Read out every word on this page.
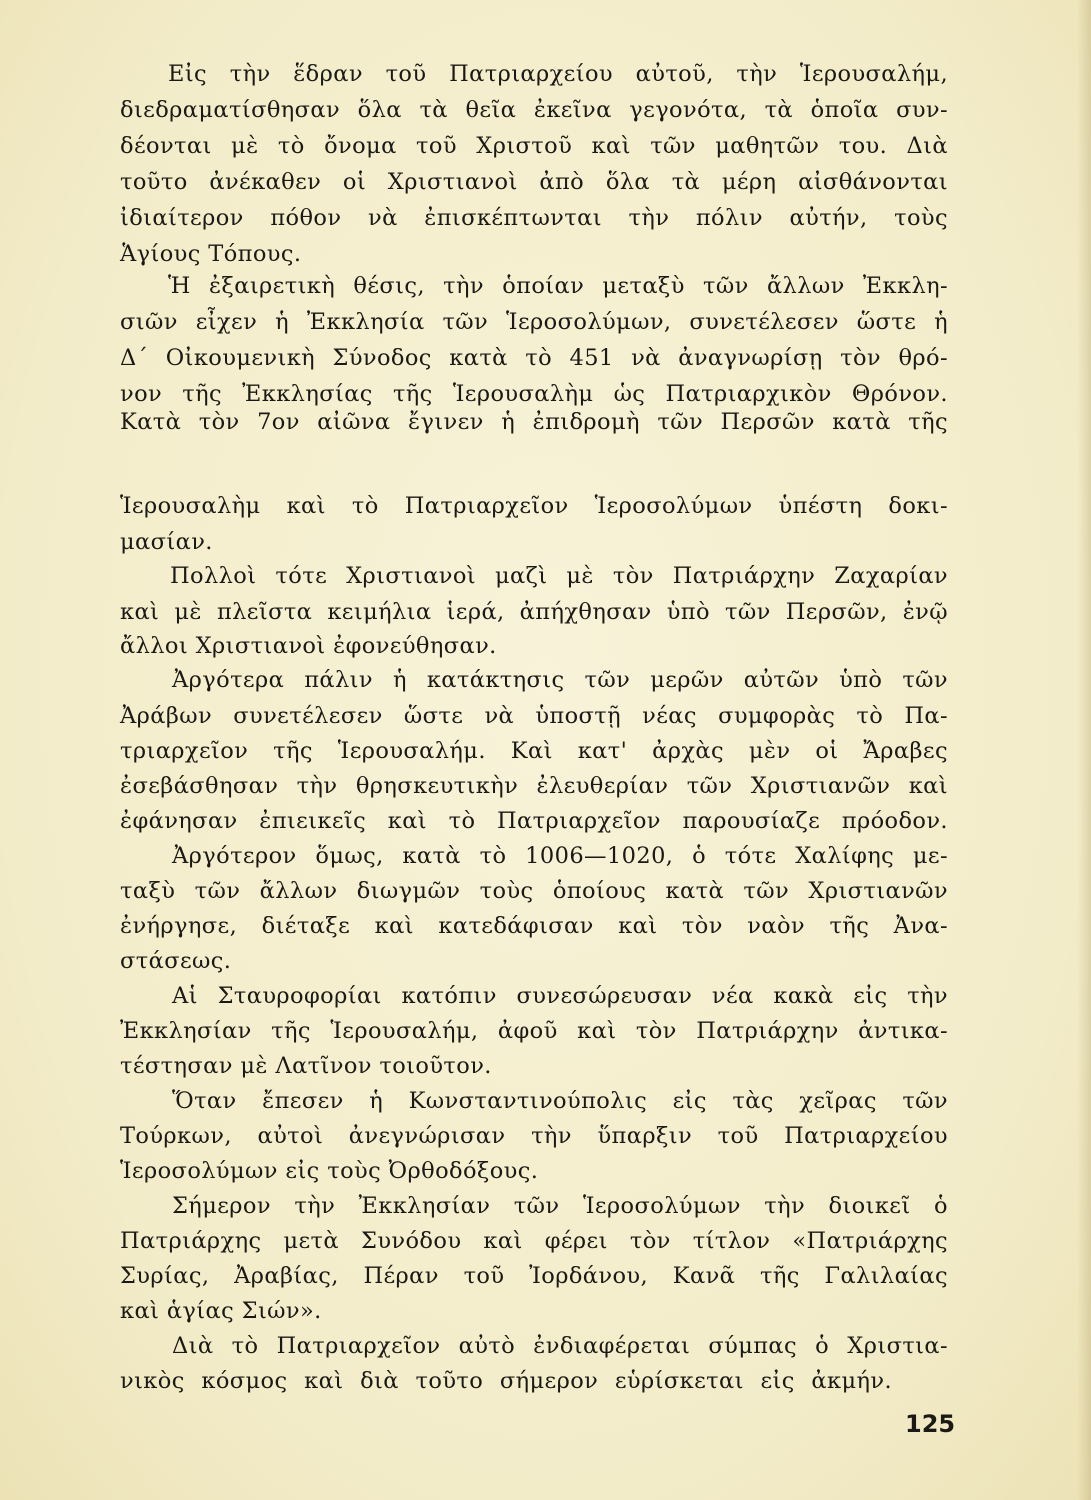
Εἰς τὴν ἕδραν τοῦ Πατριαρχείου αὐτοῦ, τὴν Ἱερουσαλήμ,
διεδραματίσθησαν ὅλα τὰ θεῖα ἐκεῖνα γεγονότα, τὰ ὁποῖα συν-
δέονται μὲ τὸ ὄνομα τοῦ Χριστοῦ καὶ τῶν μαθητῶν του. Διὰ
τοῦτο ἀνέκαθεν οἱ Χριστιανοὶ ἀπὸ ὅλα τὰ μέρη αἰσθάνονται
ἰδιαίτερον πόθον νὰ ἐπισκέπτωνται τὴν πόλιν αὐτήν, τοὺς
Ἁγίους Τόπους.
Ἡ ἐξαιρετικὴ θέσις, τὴν ὁποίαν μεταξὺ τῶν ἄλλων Ἐκκλη-
σιῶν εἶχεν ἡ Ἐκκλησία τῶν Ἱεροσολύμων, συνετέλεσεν ὥστε ἡ
Δ΄ Οἰκουμενικὴ Σύνοδος κατὰ τὸ 451 νὰ ἀναγνωρίσῃ τὸν θρό-
νον τῆς Ἐκκλησίας τῆς Ἱερουσαλὴμ ὡς Πατριαρχικὸν Θρόνον.
Κατὰ τὸν 7ον αἰῶνα ἔγινεν ἡ ἐπιδρομὴ τῶν Περσῶν κατὰ τῆς
Ἱερουσαλὴμ καὶ τὸ Πατριαρχεῖον Ἱεροσολύμων ὑπέστη δοκι-
μασίαν.
Πολλοὶ τότε Χριστιανοὶ μαζὶ μὲ τὸν Πατριάρχην Ζαχαρίαν
καὶ μὲ πλεῖστα κειμήλια ἱερά, ἀπήχθησαν ὑπὸ τῶν Περσῶν, ἐνῷ
ἄλλοι Χριστιανοὶ ἐφονεύθησαν.
Ἀργότερα πάλιν ἡ κατάκτησις τῶν μερῶν αὐτῶν ὑπὸ τῶν
Ἀράβων συνετέλεσεν ὥστε νὰ ὑποστῇ νέας συμφορὰς τὸ Πα-
τριαρχεῖον τῆς Ἱερουσαλήμ. Καὶ κατ' ἀρχὰς μὲν οἱ Ἄραβες
ἐσεβάσθησαν τὴν θρησκευτικὴν ἐλευθερίαν τῶν Χριστιανῶν καὶ
ἐφάνησαν ἐπιεικεῖς καὶ τὸ Πατριαρχεῖον παρουσίαζε πρόοδον.
Ἀργότερον ὅμως, κατὰ τὸ 1006—1020, ὁ τότε Χαλίφης με-
ταξὺ τῶν ἄλλων διωγμῶν τοὺς ὁποίους κατὰ τῶν Χριστιανῶν
ἐνήργησε, διέταξε καὶ κατεδάφισαν καὶ τὸν ναὸν τῆς Ἀνα-
στάσεως.
Αἱ Σταυροφορίαι κατόπιν συνεσώρευσαν νέα κακὰ εἰς τὴν
Ἐκκλησίαν τῆς Ἱερουσαλήμ, ἀφοῦ καὶ τὸν Πατριάρχην ἀντικα-
τέστησαν μὲ Λατῖνον τοιοῦτον.
Ὅταν ἔπεσεν ἡ Κωνσταντινούπολις εἰς τὰς χεῖρας τῶν
Τούρκων, αὐτοὶ ἀνεγνώρισαν τὴν ὕπαρξιν τοῦ Πατριαρχείου
Ἱεροσολύμων εἰς τοὺς Ὀρθοδόξους.
Σήμερον τὴν Ἐκκλησίαν τῶν Ἱεροσολύμων τὴν διοικεῖ ὁ
Πατριάρχης μετὰ Συνόδου καὶ φέρει τὸν τίτλον «Πατριάρχης
Συρίας, Ἀραβίας, Πέραν τοῦ Ἰορδάνου, Κανᾶ τῆς Γαλιλαίας
καὶ ἁγίας Σιών».
Διὰ τὸ Πατριαρχεῖον αὐτὸ ἐνδιαφέρεται σύμπας ὁ Χριστια-
νικὸς κόσμος καὶ διὰ τοῦτο σήμερον εὑρίσκεται εἰς ἀκμήν.
125
